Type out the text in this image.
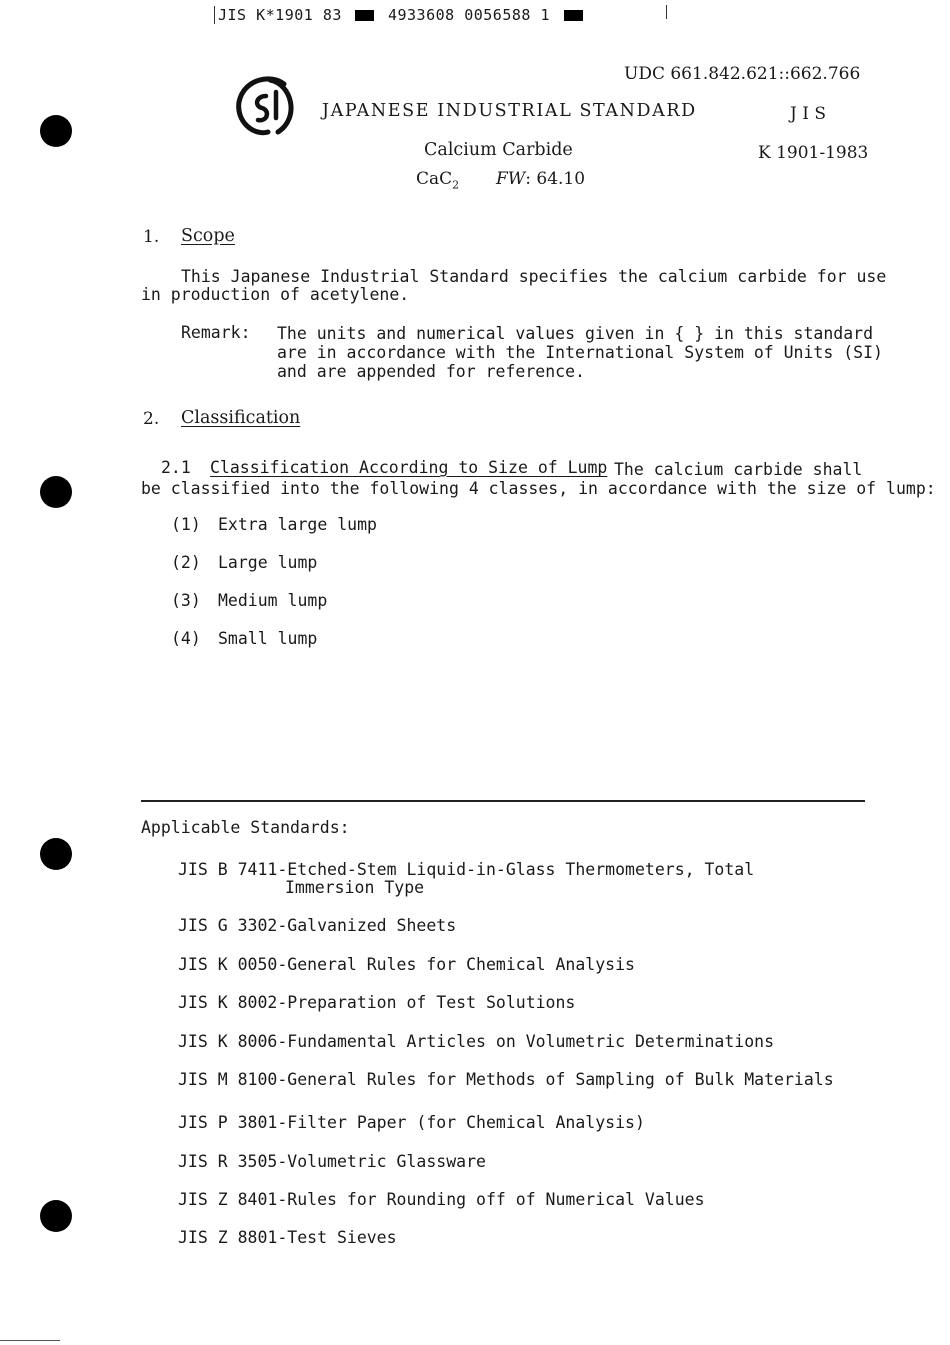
JIS K*1901 83	4933608 0056588 1
UDC 661.842.621::662.766
JAPANESE INDUSTRIAL STANDARD	J I S
Calcium Carbide	K 1901-1983
CaC$_2$ FW: 64.10
1. Scope
This Japanese Industrial Standard specifies the calcium carbide for use
in production of acetylene.
Remark: The units and numerical values given in { } in this standard
are in accordance with the International System of Units (SI)
and are appended for reference.
2. Classification
2.1 Classification According to Size of Lump The calcium carbide shall
be classified into the following 4 classes, in accordance with the size of lump:
(1) Extra large lump
(2) Large lump
(3) Medium lump
(4) Small lump
Applicable Standards:
JIS B 7411-Etched-Stem Liquid-in-Glass Thermometers, Total
Immersion Type
JIS G 3302-Galvanized Sheets
JIS K 0050-General Rules for Chemical Analysis
JIS K 8002-Preparation of Test Solutions
JIS K 8006-Fundamental Articles on Volumetric Determinations
JIS M 8100-General Rules for Methods of Sampling of Bulk Materials
JIS P 3801-Filter Paper (for Chemical Analysis)
JIS R 3505-Volumetric Glassware
JIS Z 8401-Rules for Rounding off of Numerical Values
JIS Z 8801-Test Sieves
